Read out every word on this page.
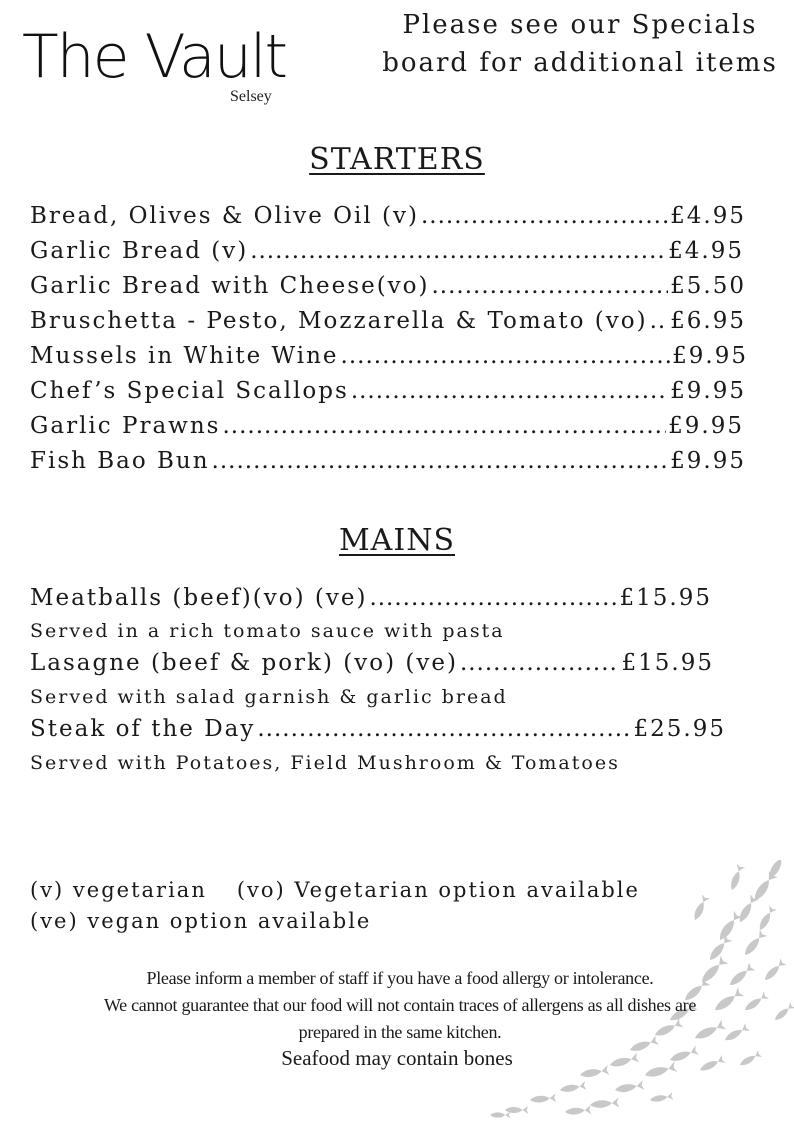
The Vault
Selsey
Please see our Specials
board for additional items
STARTERS
Bread, Olives & Olive Oil (v) .....	£4.95
Garlic Bread (v) .....	£4.95
Garlic Bread with Cheese(vo) .....	£5.50
Bruschetta - Pesto, Mozzarella & Tomato (vo) ..... £6.95
Mussels in White Wine .....	£9.95
Chef’s Special Scallops .....	£9.95
Garlic Prawns .....	£9.95
Fish Bao Bun .....	£9.95
MAINS
Meatballs (beef)(vo) (ve) .....	£15.95
Served in a rich tomato sauce with pasta
Lasagne (beef & pork) (vo) (ve) .....	£15.95
Served with salad garnish & garlic bread
Steak of the Day .....	£25.95
Served with Potatoes, Field Mushroom & Tomatoes
(v) vegetarian (vo) Vegetarian option available
(ve) vegan option available
Please inform a member of staff if you have a food allergy or intolerance.
We cannot guarantee that our food will not contain traces of allergens as all dishes are
prepared in the same kitchen.
Seafood may contain bones
